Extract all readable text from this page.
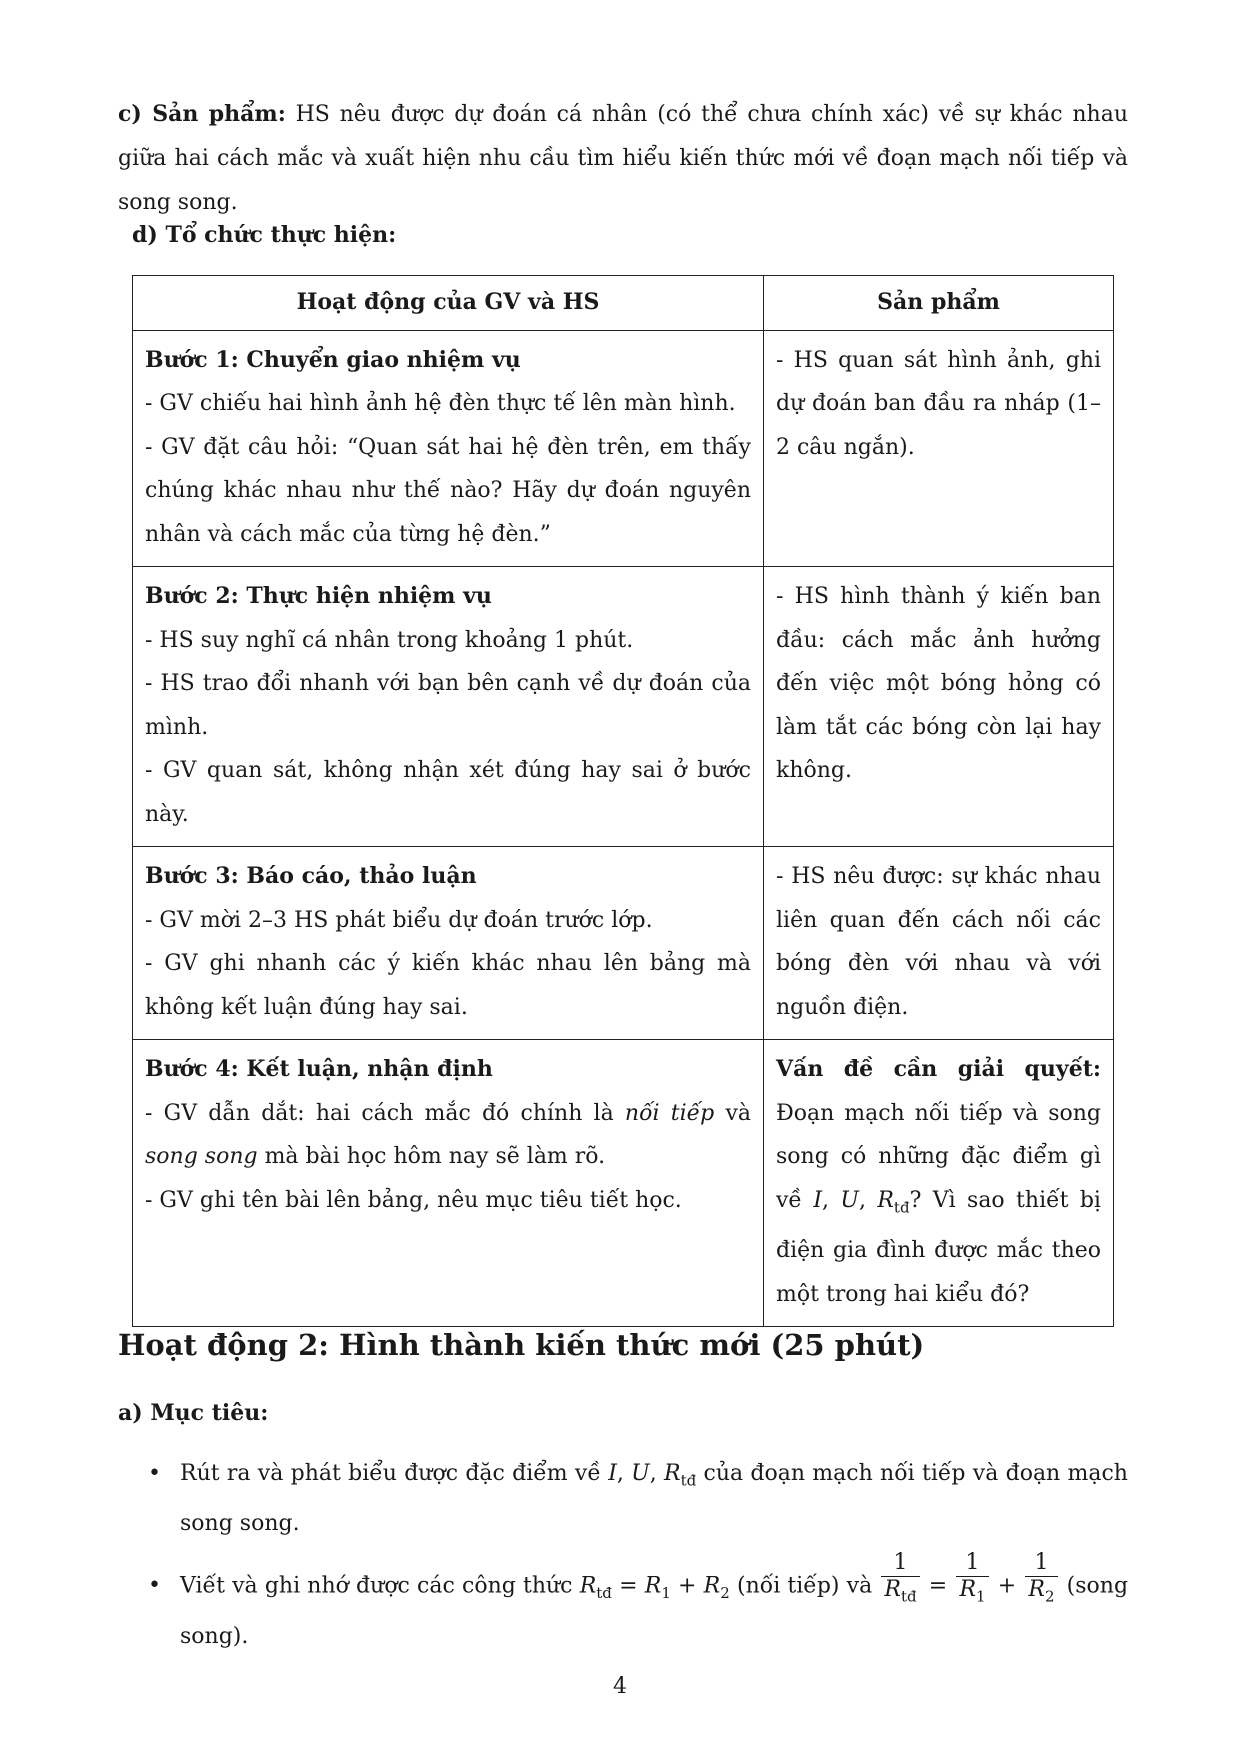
c) Sản phẩm: HS nêu được dự đoán cá nhân (có thể chưa chính xác) về sự khác nhau giữa hai cách mắc và xuất hiện nhu cầu tìm hiểu kiến thức mới về đoạn mạch nối tiếp và song song.

d) Tổ chức thực hiện:
Hoạt động của GV và HS	Sản phẩm

Bước 1: Chuyển giao nhiệm vụ
- GV chiếu hai hình ảnh hệ đèn thực tế lên màn hình.
- GV đặt câu hỏi: “Quan sát hai hệ đèn trên, em thấy chúng khác nhau như thế nào? Hãy dự đoán nguyên nhân và cách mắc của từng hệ đèn.”	- HS quan sát hình ảnh, ghi dự đoán ban đầu ra nháp (1–2 câu ngắn).

Bước 2: Thực hiện nhiệm vụ
- HS suy nghĩ cá nhân trong khoảng 1 phút.
- HS trao đổi nhanh với bạn bên cạnh về dự đoán của mình.
- GV quan sát, không nhận xét đúng hay sai ở bước này.	- HS hình thành ý kiến ban đầu: cách mắc ảnh hưởng đến việc một bóng hỏng có làm tắt các bóng còn lại hay không.

Bước 3: Báo cáo, thảo luận
- GV mời 2–3 HS phát biểu dự đoán trước lớp.
- GV ghi nhanh các ý kiến khác nhau lên bảng mà không kết luận đúng hay sai.	- HS nêu được: sự khác nhau liên quan đến cách nối các bóng đèn với nhau và với nguồn điện.

Bước 4: Kết luận, nhận định
- GV dẫn dắt: hai cách mắc đó chính là nối tiếp và song song mà bài học hôm nay sẽ làm rõ.
- GV ghi tên bài lên bảng, nêu mục tiêu tiết học.	Vấn đề cần giải quyết: Đoạn mạch nối tiếp và song song có những đặc điểm gì về I, U, $R_{tđ}$? Vì sao thiết bị điện gia đình được mắc theo một trong hai kiểu đó?
Hoạt động 2: Hình thành kiến thức mới (25 phút)
a) Mục tiêu:
• Rút ra và phát biểu được đặc điểm về I, U, $R_{tđ}$ của đoạn mạch nối tiếp và đoạn mạch song song.
• Viết và ghi nhớ được các công thức $R_{tđ} = R_1 + R_2$ (nối tiếp) và $\frac{1}{R_{tđ}} = \frac{1}{R_1} + \frac{1}{R_2}$ (song song).
4
